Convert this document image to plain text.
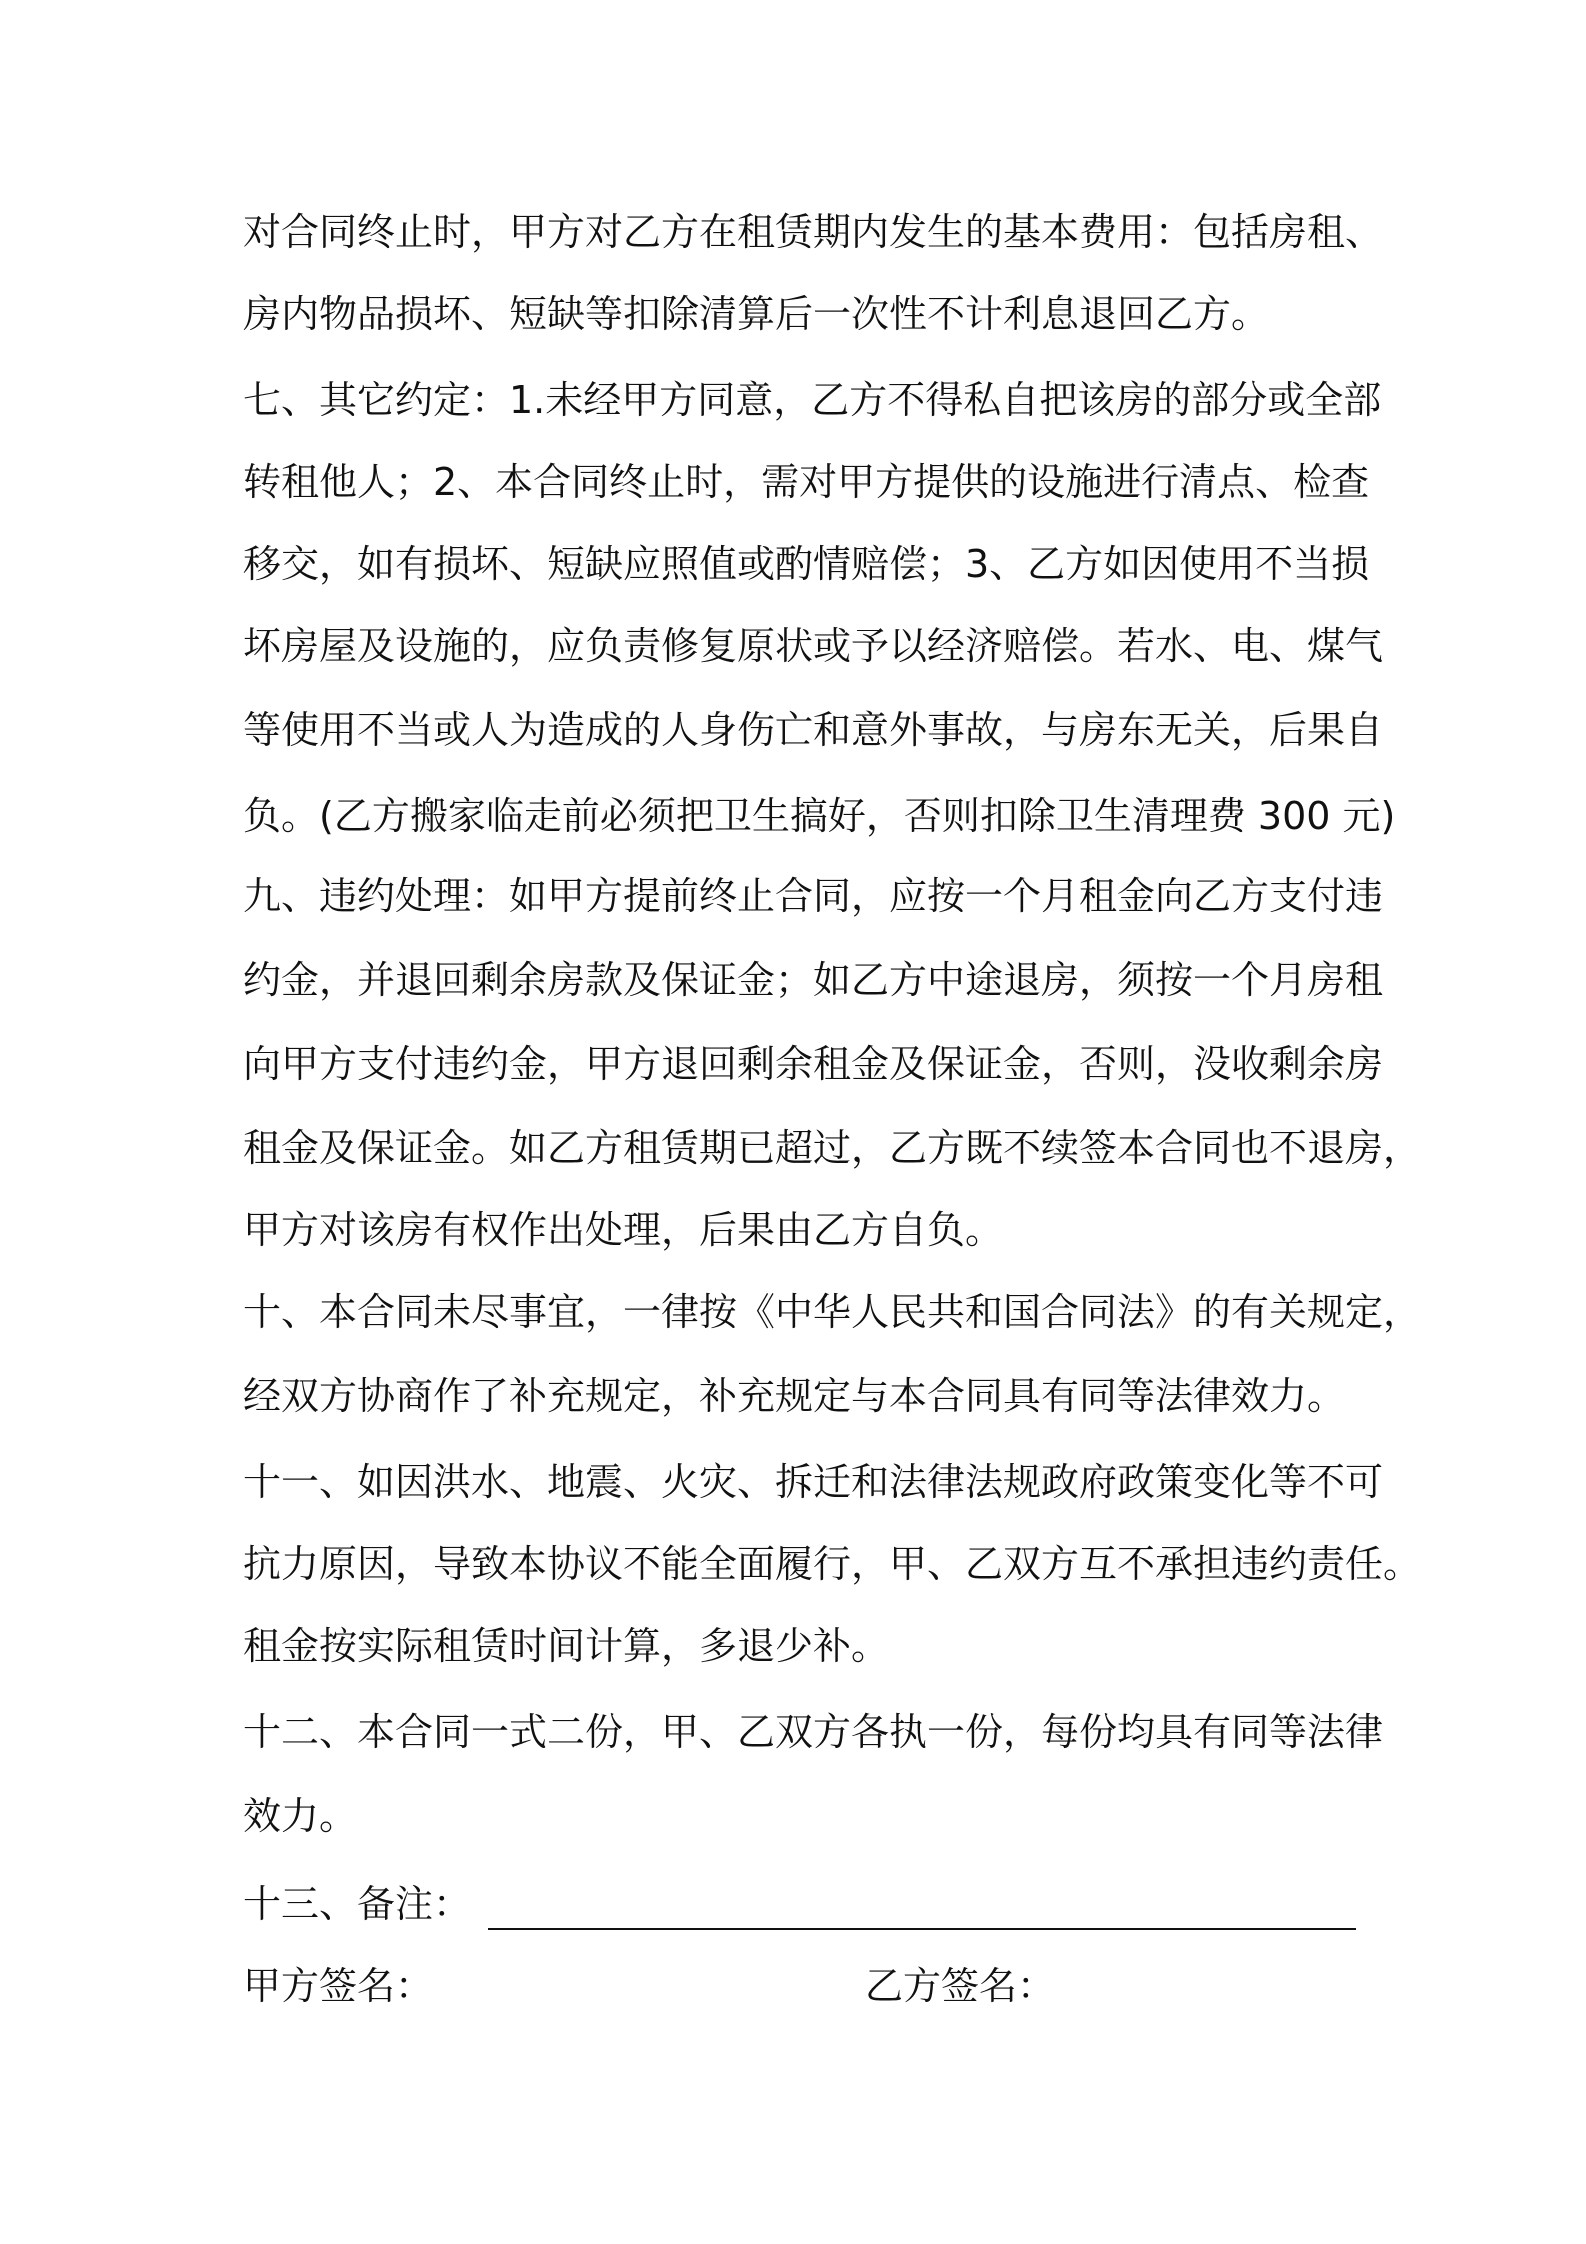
对合同终止时，甲方对乙方在租赁期内发生的基本费用：包括房租、
房内物品损坏、短缺等扣除清算后一次性不计利息退回乙方。
七、其它约定：1.未经甲方同意，乙方不得私自把该房的部分或全部
转租他人；2、本合同终止时，需对甲方提供的设施进行清点、检查
移交，如有损坏、短缺应照值或酌情赔偿；3、乙方如因使用不当损
坏房屋及设施的，应负责修复原状或予以经济赔偿。若水、电、煤气
等使用不当或人为造成的人身伤亡和意外事故，与房东无关，后果自
负。(乙方搬家临走前必须把卫生搞好，否则扣除卫生清理费 300 元)
九、违约处理：如甲方提前终止合同，应按一个月租金向乙方支付违
约金，并退回剩余房款及保证金；如乙方中途退房，须按一个月房租
向甲方支付违约金，甲方退回剩余租金及保证金，否则，没收剩余房
租金及保证金。如乙方租赁期已超过，乙方既不续签本合同也不退房，
甲方对该房有权作出处理，后果由乙方自负。
十、本合同未尽事宜，一律按《中华人民共和国合同法》的有关规定，
经双方协商作了补充规定，补充规定与本合同具有同等法律效力。
十一、如因洪水、地震、火灾、拆迁和法律法规政府政策变化等不可
抗力原因，导致本协议不能全面履行，甲、乙双方互不承担违约责任。
租金按实际租赁时间计算，多退少补。
十二、本合同一式二份，甲、乙双方各执一份，每份均具有同等法律
效力。
十三、备注：
甲方签名：	乙方签名：
